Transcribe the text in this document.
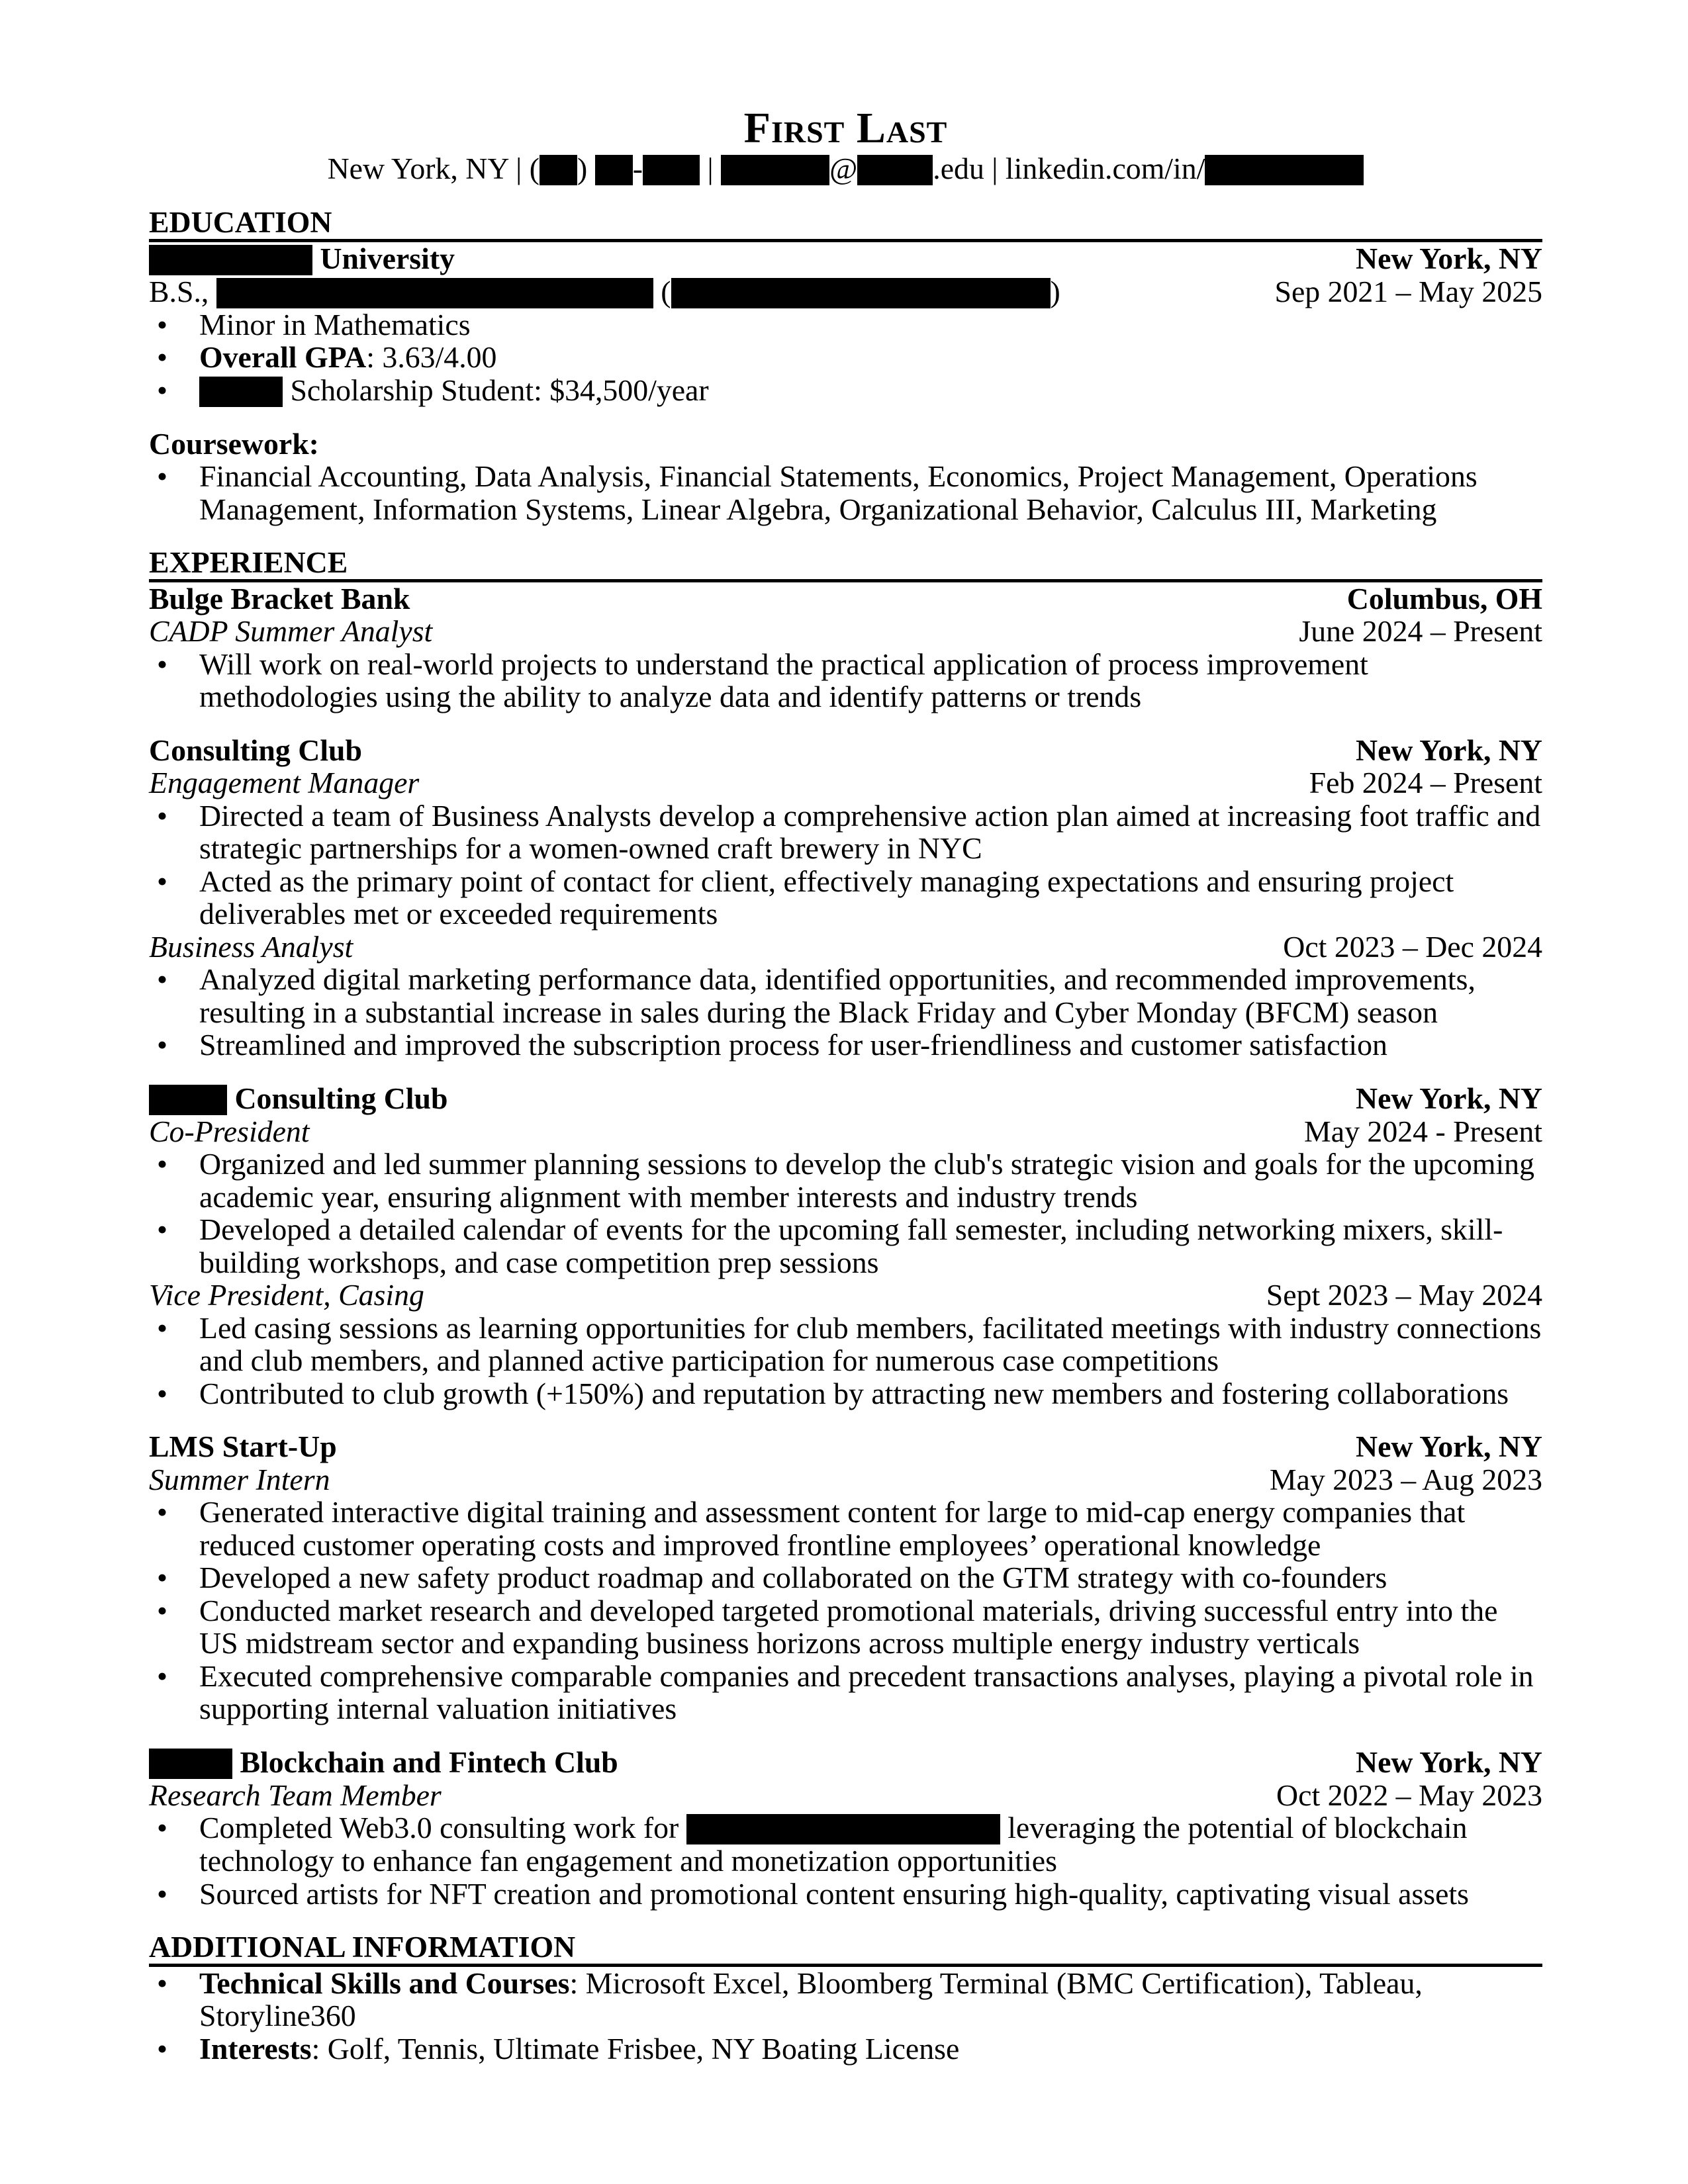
First Last
New York, NY | ( ) - |	@ .edu | linkedin.com/in/
EDUCATION
University	New York, NY
B.S.,	(	)	Sep 2021 – May 2025
• Minor in Mathematics
• Overall GPA: 3.63/4.00
•	Scholarship Student: $34,500/year
Coursework:
• Financial Accounting, Data Analysis, Financial Statements, Economics, Project Management, Operations Management, Information Systems, Linear Algebra, Organizational Behavior, Calculus III, Marketing
EXPERIENCE
Bulge Bracket Bank	Columbus, OH
CADP Summer Analyst	June 2024 – Present
• Will work on real-world projects to understand the practical application of process improvement methodologies using the ability to analyze data and identify patterns or trends
Consulting Club	New York, NY
Engagement Manager	Feb 2024 – Present
• Directed a team of Business Analysts develop a comprehensive action plan aimed at increasing foot traffic and strategic partnerships for a women-owned craft brewery in NYC
• Acted as the primary point of contact for client, effectively managing expectations and ensuring project deliverables met or exceeded requirements
Business Analyst	Oct 2023 – Dec 2024
• Analyzed digital marketing performance data, identified opportunities, and recommended improvements, resulting in a substantial increase in sales during the Black Friday and Cyber Monday (BFCM) season
• Streamlined and improved the subscription process for user-friendliness and customer satisfaction
Consulting Club	New York, NY
Co-President	May 2024 - Present
• Organized and led summer planning sessions to develop the club's strategic vision and goals for the upcoming academic year, ensuring alignment with member interests and industry trends
• Developed a detailed calendar of events for the upcoming fall semester, including networking mixers, skill-building workshops, and case competition prep sessions
Vice President, Casing	Sept 2023 – May 2024
• Led casing sessions as learning opportunities for club members, facilitated meetings with industry connections and club members, and planned active participation for numerous case competitions
• Contributed to club growth (+150%) and reputation by attracting new members and fostering collaborations
LMS Start-Up	New York, NY
Summer Intern	May 2023 – Aug 2023
• Generated interactive digital training and assessment content for large to mid-cap energy companies that reduced customer operating costs and improved frontline employees’ operational knowledge
• Developed a new safety product roadmap and collaborated on the GTM strategy with co-founders
• Conducted market research and developed targeted promotional materials, driving successful entry into the US midstream sector and expanding business horizons across multiple energy industry verticals
• Executed comprehensive comparable companies and precedent transactions analyses, playing a pivotal role in supporting internal valuation initiatives
Blockchain and Fintech Club	New York, NY
Research Team Member	Oct 2022 – May 2023
• Completed Web3.0 consulting work for	leveraging the potential of blockchain technology to enhance fan engagement and monetization opportunities
• Sourced artists for NFT creation and promotional content ensuring high-quality, captivating visual assets
ADDITIONAL INFORMATION
• Technical Skills and Courses: Microsoft Excel, Bloomberg Terminal (BMC Certification), Tableau, Storyline360
• Interests: Golf, Tennis, Ultimate Frisbee, NY Boating License
